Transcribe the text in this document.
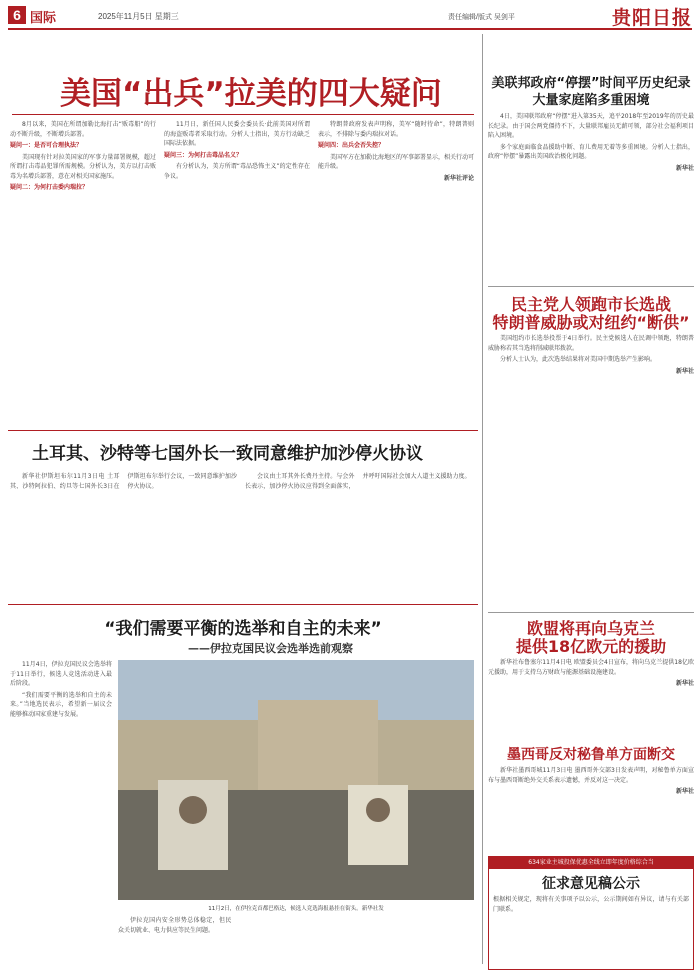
6 国际	2025年11月5日 星期三	责任编辑/版式 吴剑平	贵阳日报
美国“出兵”拉美的四大疑问

8月以来，美国在所谓加勒比海打击“贩毒船”的行动不断升级，不断增兵部署。

疑问一：是否可合理执法？

美国现有针对拉美国家的军事力量部署规模，超过所谓打击毒品犯罪所需规模。分析认为，美方以打击贩毒为名增兵部署，意在对相关国家施压。

疑问二：为何打击委内瑞拉？

11月日，新任国人民委会委员长·此前美国对所谓的海盗贩毒者采取行动。分析人士指出，美方行动缺乏国际法依据。

疑问三：为何打击毒品名义？

有分析认为，美方所谓“毒品恐怖主义”的定性存在争议。

特朗普政府发表声明称，美军“随时待命”，特朗普则表示，不排除与委内瑞拉对话。

疑问四：出兵会否失控？

美国军方在加勒比海地区的军事部署显示，相关行动可能升级。

新华社评论

美联邦政府“停摆”时间平历史纪录
大量家庭陷多重困境

4日，美国联邦政府“停摆”进入第35天，追平2018年至2019年的历史最长纪录。由于国会两党僵持不下，大量联邦雇员无薪可领，部分社会福利项目陷入困境。

多个家庭面临食品援助中断、育儿费用无着等多重困境。分析人士指出，政府“停摆”暴露出美国政治极化问题。

新华社

民主党人领跑市长选战
特朗普威胁或对纽约“断供”

美国纽约市长选举投票于4日举行。民主党候选人在民调中领跑，特朗普威胁称若其当选将削减联邦拨款。

分析人士认为，此次选举结果将对美国中期选举产生影响。

新华社

土耳其、沙特等七国外长一致同意维护加沙停火协议

新华社伊斯坦布尔11月3日电 土耳其、沙特阿拉伯、约旦等七国外长3日在伊斯坦布尔举行会议，一致同意维护加沙停火协议。

会议由土耳其外长费丹主持。与会外长表示，加沙停火协议应得到全面落实，并呼吁国际社会加大人道主义援助力度。

“我们需要平衡的选举和自主的未来”
——伊拉克国民议会选举选前观察

11月4日，伊拉克国民议会选举将于11日举行，候选人竞选活动进入最后阶段。

“我们需要平衡的选举和自主的未来。”当地选民表示，希望新一届议会能够推动国家重建与发展。

11月2日，在伊拉克首都巴格达，候选人竞选海报悬挂在街头。新华社发

伊拉克国内安全形势总体稳定，但民众关切就业、电力供应等民生问题。

欧盟将再向乌克兰
提供18亿欧元的援助

新华社布鲁塞尔11月4日电 欧盟委员会4日宣布，将向乌克兰提供18亿欧元援助，用于支持乌方财政与能源基础设施建设。

新华社

墨西哥反对秘鲁单方面断交

新华社墨西哥城11月3日电 墨西哥外交部3日发表声明，对秘鲁单方面宣布与墨西哥断绝外交关系表示遗憾，并反对这一决定。

新华社

634家业主城投保优惠全线立即年度价格综合当
征求意见稿公示
根据相关规定，现将有关事项予以公示，公示期间如有异议，请与有关部门联系。
